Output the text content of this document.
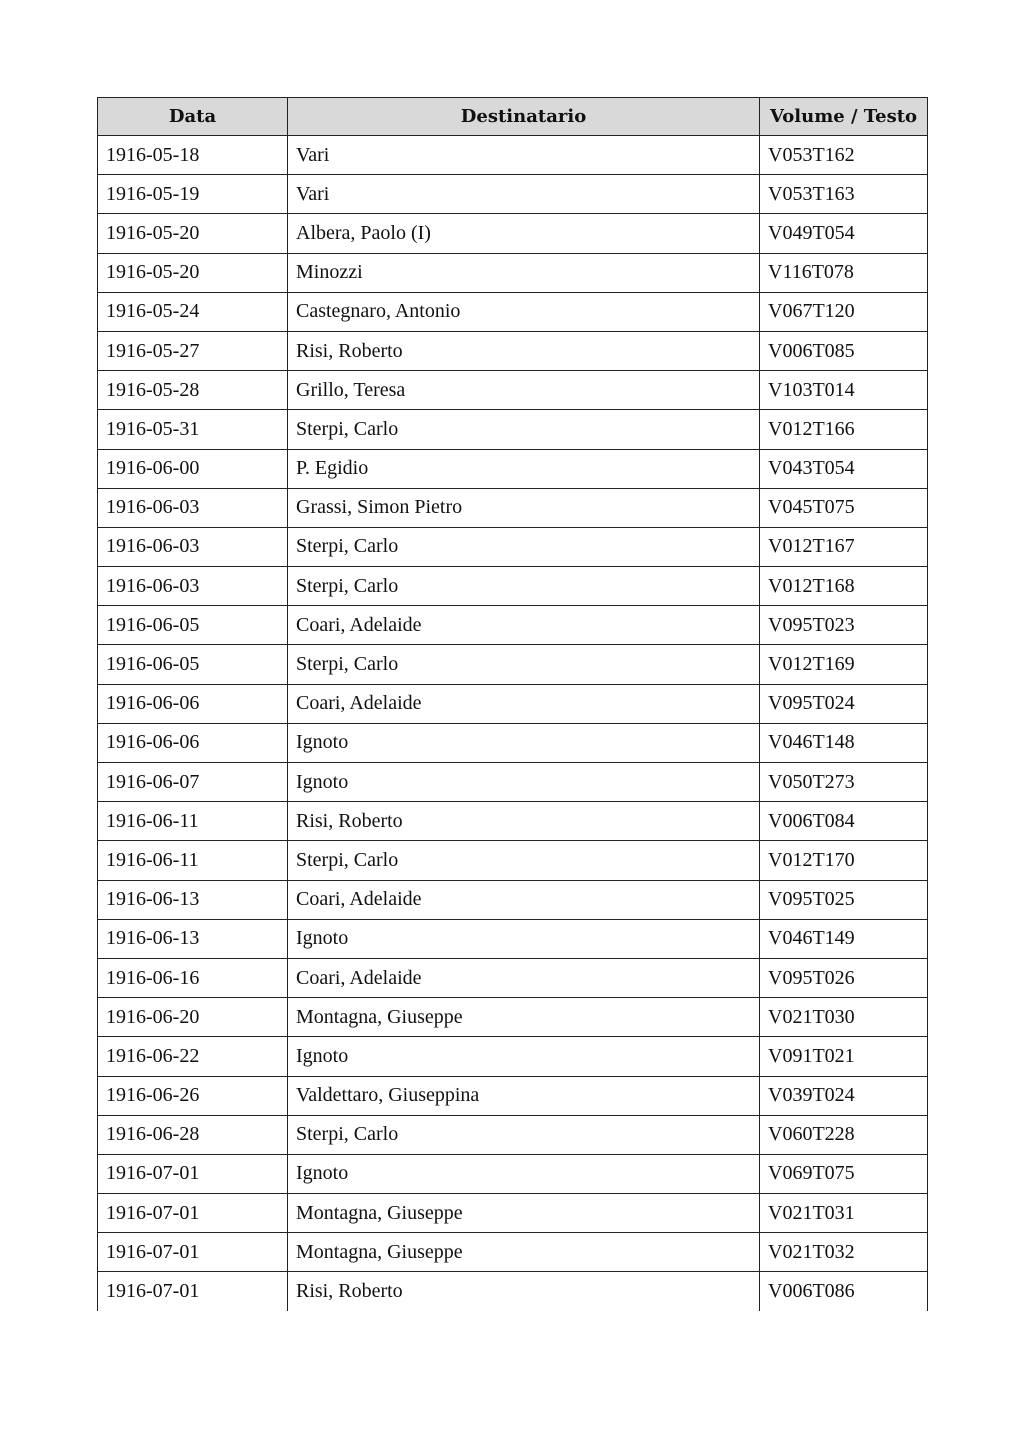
Data	Destinatario	Volume / Testo
1916-05-18	Vari	V053T162
1916-05-19	Vari	V053T163
1916-05-20	Albera, Paolo (I)	V049T054
1916-05-20	Minozzi	V116T078
1916-05-24	Castegnaro, Antonio	V067T120
1916-05-27	Risi, Roberto	V006T085
1916-05-28	Grillo, Teresa	V103T014
1916-05-31	Sterpi, Carlo	V012T166
1916-06-00	P. Egidio	V043T054
1916-06-03	Grassi, Simon Pietro	V045T075
1916-06-03	Sterpi, Carlo	V012T167
1916-06-03	Sterpi, Carlo	V012T168
1916-06-05	Coari, Adelaide	V095T023
1916-06-05	Sterpi, Carlo	V012T169
1916-06-06	Coari, Adelaide	V095T024
1916-06-06	Ignoto	V046T148
1916-06-07	Ignoto	V050T273
1916-06-11	Risi, Roberto	V006T084
1916-06-11	Sterpi, Carlo	V012T170
1916-06-13	Coari, Adelaide	V095T025
1916-06-13	Ignoto	V046T149
1916-06-16	Coari, Adelaide	V095T026
1916-06-20	Montagna, Giuseppe	V021T030
1916-06-22	Ignoto	V091T021
1916-06-26	Valdettaro, Giuseppina	V039T024
1916-06-28	Sterpi, Carlo	V060T228
1916-07-01	Ignoto	V069T075
1916-07-01	Montagna, Giuseppe	V021T031
1916-07-01	Montagna, Giuseppe	V021T032
1916-07-01	Risi, Roberto	V006T086
